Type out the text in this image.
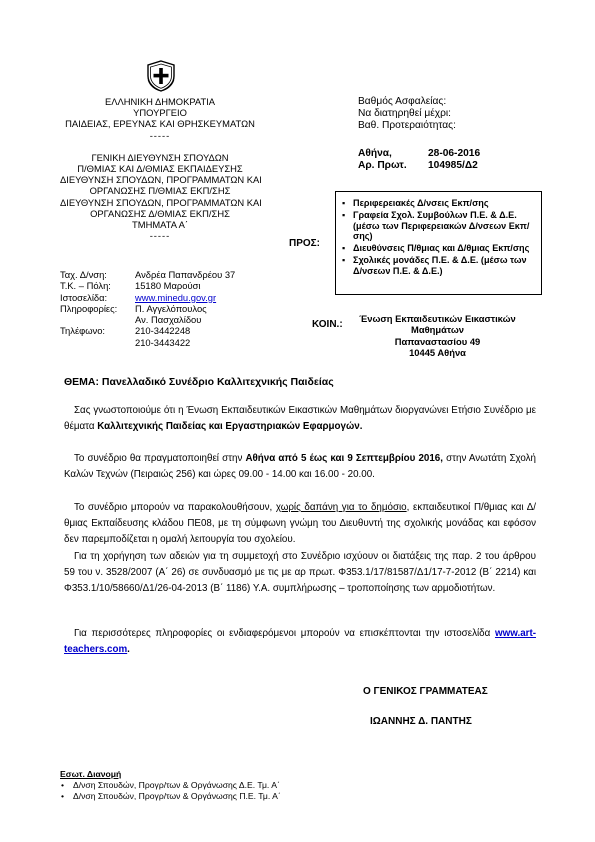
ΕΛΛΗΝΙΚΗ ΔΗΜΟΚΡΑΤΙΑ
ΥΠΟΥΡΓΕΙΟ
ΠΑΙΔΕΙΑΣ, ΕΡΕΥΝΑΣ ΚΑΙ ΘΡΗΣΚΕΥΜΑΤΩΝ
-----
ΓΕΝΙΚΗ ΔΙΕΥΘΥΝΣΗ ΣΠΟΥΔΩΝ
Π/ΘΜΙΑΣ ΚΑΙ Δ/ΘΜΙΑΣ ΕΚΠΑΙΔΕΥΣΗΣ
ΔΙΕΥΘΥΝΣΗ ΣΠΟΥΔΩΝ, ΠΡΟΓΡΑΜΜΑΤΩΝ ΚΑΙ
ΟΡΓΑΝΩΣΗΣ Π/ΘΜΙΑΣ ΕΚΠ/ΣΗΣ
ΔΙΕΥΘΥΝΣΗ ΣΠΟΥΔΩΝ, ΠΡΟΓΡΑΜΜΑΤΩΝ ΚΑΙ
ΟΡΓΑΝΩΣΗΣ Δ/ΘΜΙΑΣ ΕΚΠ/ΣΗΣ
ΤΜΗΜΑΤΑ Α΄
-----
Ταχ. Δ/νση:	Ανδρέα Παπανδρέου 37
Τ.Κ. – Πόλη:	15180 Μαρούσι
Ιστοσελίδα:	www.minedu.gov.gr
Πληροφορίες:	Π. Αγγελόπουλος
Αν. Πασχαλίδου
Τηλέφωνο:	210-3442248
210-3443422
Βαθμός Ασφαλείας:
Να διατηρηθεί μέχρι:
Βαθ. Προτεραιότητας:
Αθήνα,	28-06-2016
Αρ. Πρωτ.	104985/Δ2
ΠΡΟΣ:
▪ Περιφερειακές Δ/νσεις Εκπ/σης
▪ Γραφεία Σχολ. Συμβούλων Π.Ε. & Δ.Ε. (μέσω των Περιφερειακών Δ/νσεων Εκπ/σης)
▪ Διευθύνσεις Π/θμιας και Δ/θμιας Εκπ/σης
▪ Σχολικές μονάδες Π.Ε. & Δ.Ε. (μέσω των Δ/νσεων Π.Ε. & Δ.Ε.)
ΚΟΙΝ.:
Ένωση Εκπαιδευτικών Εικαστικών
Μαθημάτων
Παπαναστασίου 49
10445 Αθήνα
ΘΕΜΑ: Πανελλαδικό Συνέδριο Καλλιτεχνικής Παιδείας
Σας γνωστοποιούμε ότι η Ένωση Εκπαιδευτικών Εικαστικών Μαθημάτων διοργανώνει Ετήσιο Συνέδριο με θέματα Καλλιτεχνικής Παιδείας και Εργαστηριακών Εφαρμογών.
Το συνέδριο θα πραγματοποιηθεί στην Αθήνα από 5 έως και 9 Σεπτεμβρίου 2016, στην Ανωτάτη Σχολή Καλών Τεχνών (Πειραιώς 256) και ώρες 09.00 - 14.00 και 16.00 - 20.00.
Το συνέδριο μπορούν να παρακολουθήσουν, χωρίς δαπάνη για το δημόσιο, εκπαιδευτικοί Π/θμιας και Δ/θμιας Εκπαίδευσης κλάδου ΠΕ08, με τη σύμφωνη γνώμη του Διευθυντή της σχολικής μονάδας και εφόσον δεν παρεμποδίζεται η ομαλή λειτουργία του σχολείου.
Για τη χορήγηση των αδειών για τη συμμετοχή στο Συνέδριο ισχύουν οι διατάξεις της παρ. 2 του άρθρου 59 του ν. 3528/2007 (Α΄ 26) σε συνδυασμό με τις με αρ πρωτ. Φ353.1/17/81587/Δ1/17-7-2012 (Β΄ 2214) και Φ353.1/10/58660/Δ1/26-04-2013 (Β΄ 1186) Υ.Α. συμπλήρωσης – τροποποίησης των αρμοδιοτήτων.
Για περισσότερες πληροφορίες οι ενδιαφερόμενοι μπορούν να επισκέπτονται την ιστοσελίδα www.art-teachers.com.
Ο ΓΕΝΙΚΟΣ ΓΡΑΜΜΑΤΕΑΣ
ΙΩΑΝΝΗΣ Δ. ΠΑΝΤΗΣ
Εσωτ. Διανομή
• Δ/νση Σπουδών, Προγρ/των & Οργάνωσης Δ.Ε. Τμ. Α΄
• Δ/νση Σπουδών, Προγρ/των & Οργάνωσης Π.Ε. Τμ. Α΄
